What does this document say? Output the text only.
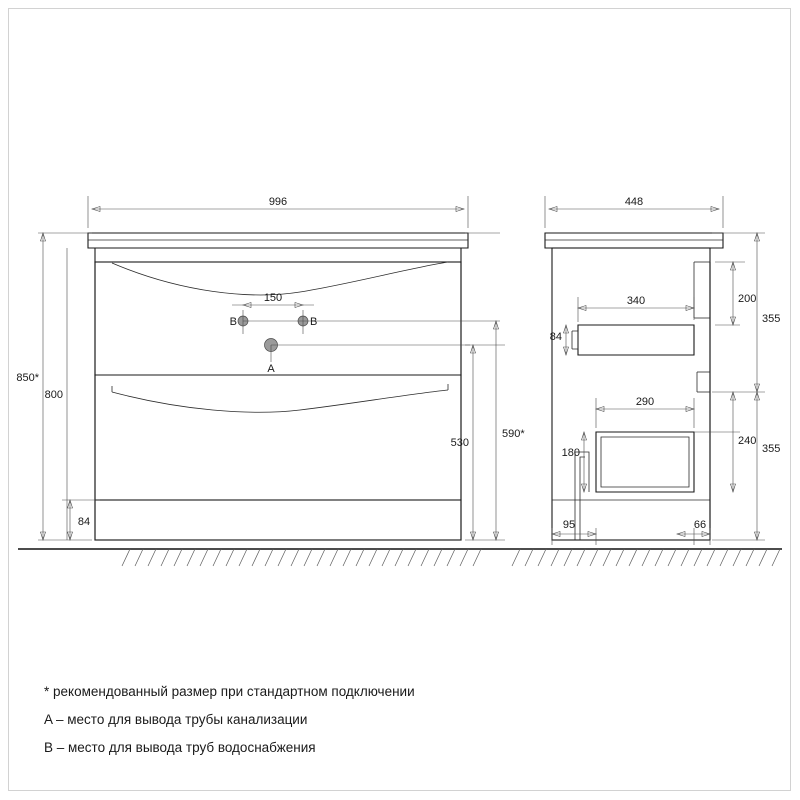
996
150
850*
800
84
530
590*
B	B
A
448
340
84
200
355
290
180
240
355
95	66
* рекомендованный размер при стандартном подключении
A – место для вывода трубы канализации
B – место для вывода труб водоснабжения
